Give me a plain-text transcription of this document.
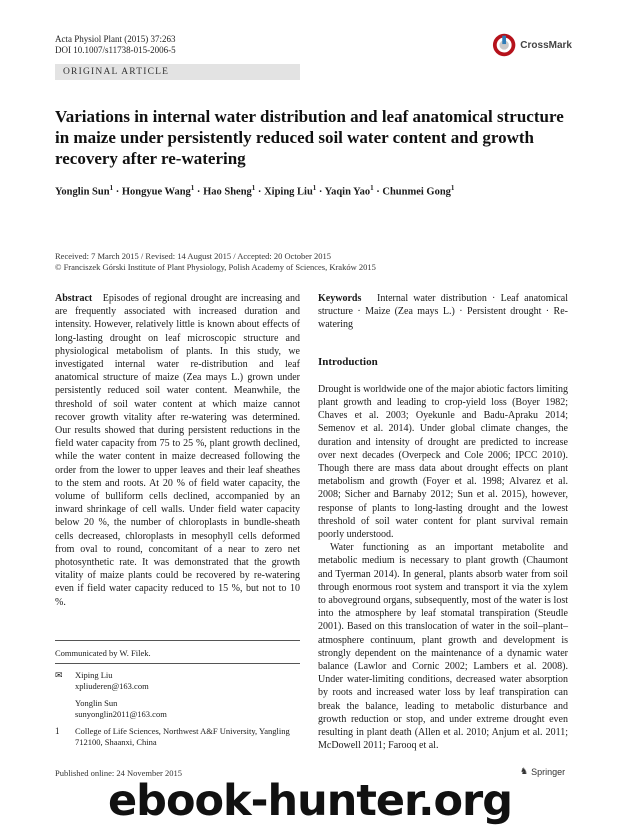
Acta Physiol Plant (2015) 37:263
DOI 10.1007/s11738-015-2006-5	CrossMark
ORIGINAL ARTICLE
Variations in internal water distribution and leaf anatomical structure in maize under persistently reduced soil water content and growth recovery after re-watering
Yonglin Sun$^1$ · Hongyue Wang$^1$ · Hao Sheng$^1$ · Xiping Liu$^1$ · Yaqin Yao$^1$ · Chunmei Gong$^1$
Received: 7 March 2015 / Revised: 14 August 2015 / Accepted: 20 October 2015
© Franciszek Górski Institute of Plant Physiology, Polish Academy of Sciences, Kraków 2015

Abstract Episodes of regional drought are increasing and are frequently associated with increased duration and intensity. However, relatively little is known about effects of long-lasting drought on leaf microscopic structure and physiological metabolism of plants. In this study, we investigated internal water re-distribution and leaf anatomical structure of maize (Zea mays L.) grown under persistently reduced soil water content. Meanwhile, the threshold of soil water content at which maize cannot recover growth vitality after re-watering was determined. Our results showed that during persistent reductions in the field water capacity from 75 to 25 %, plant growth declined, while the water content in maize decreased following the order from the lower to upper leaves and their leaf sheathes to the stem and roots. At 20 % of field water capacity, the volume of bulliform cells declined, accompanied by an inward shrinkage of cell walls. Under field water capacity below 20 %, the number of chloroplasts in bundle-sheath cells decreased, chloroplasts in mesophyll cells deformed from oval to round, concomitant of a near to zero net photosynthetic rate. It was demonstrated that the growth vitality of maize plants could be recovered by re-watering even if field water capacity reduced to 15 %, but not to 10 %.

Communicated by W. Filek.
✉	Xiping Liu
xpliuderen@163.com
Yonglin Sun
sunyonglin2011@163.com
1	College of Life Sciences, Northwest A&F University, Yangling 712100, Shaanxi, China

Keywords Internal water distribution · Leaf anatomical structure · Maize (Zea mays L.) · Persistent drought · Re-watering

Introduction

Drought is worldwide one of the major abiotic factors limiting plant growth and leading to crop-yield loss (Boyer 1982; Chaves et al. 2003; Oyekunle and Badu-Apraku 2014; Semenov et al. 2014). Under global climate changes, the duration and intensity of drought are predicted to increase over next decades (Overpeck and Cole 2006; IPCC 2010). Though there are mass data about drought effects on plant metabolism and growth (Foyer et al. 1998; Alvarez et al. 2008; Sicher and Barnaby 2012; Sun et al. 2015), however, response of plants to long-lasting drought and the lowest threshold of soil water content for plant survival remain poorly understood.

Water functioning as an important metabolite and metabolic medium is necessary to plant growth (Chaumont and Tyerman 2014). In general, plants absorb water from soil through enormous root system and transport it via the xylem to aboveground organs, subsequently, most of the water is lost into the atmosphere by leaf stomatal transpiration (Steudle 2001). Based on this translocation of water in the soil–plant–atmosphere continuum, plant growth and development is strongly dependent on the maintenance of a dynamic water balance (Lawlor and Cornic 2002; Lambers et al. 2008). Under water-limiting conditions, decreased water absorption by roots and increased water loss by leaf transpiration can break the balance, leading to metabolic disturbance and growth reduction or stop, and under extreme drought even resulting in plant death (Allen et al. 2010; Anjum et al. 2011; McDowell 2011; Farooq et al.

Published online: 24 November 2015	♞ Springer
ebook-hunter.org
